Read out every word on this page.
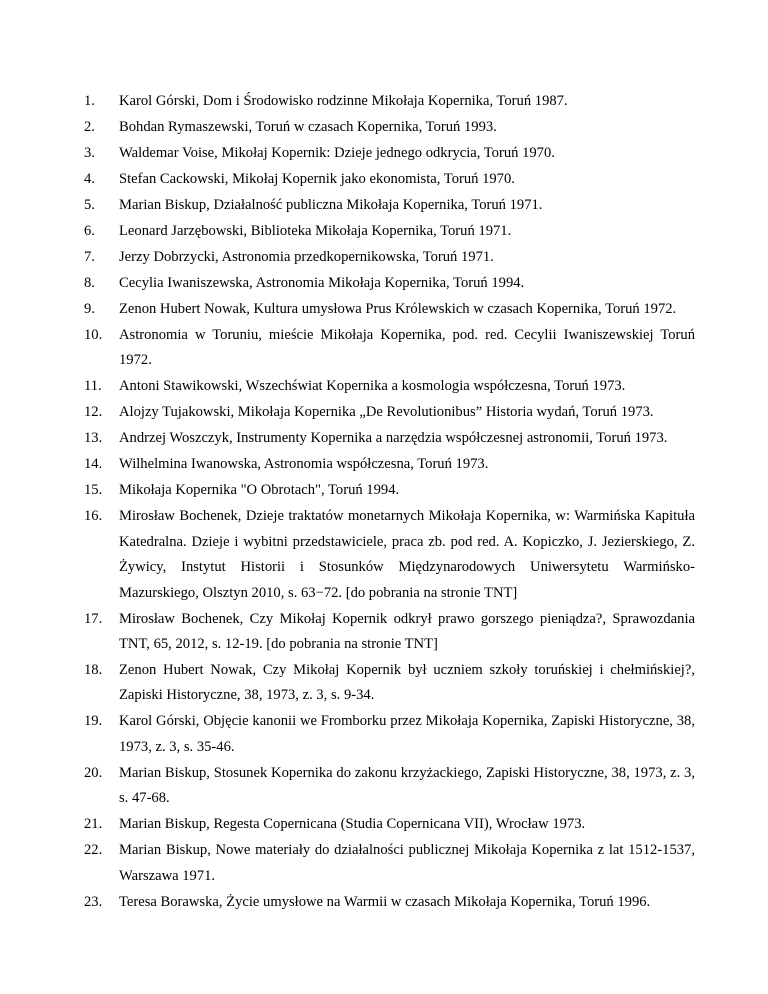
1. Karol Górski, Dom i Środowisko rodzinne Mikołaja Kopernika, Toruń 1987.
2. Bohdan Rymaszewski, Toruń w czasach Kopernika, Toruń 1993.
3. Waldemar Voise, Mikołaj Kopernik: Dzieje jednego odkrycia, Toruń 1970.
4. Stefan Cackowski, Mikołaj Kopernik jako ekonomista, Toruń 1970.
5. Marian Biskup, Działalność publiczna Mikołaja Kopernika, Toruń 1971.
6. Leonard Jarzębowski, Biblioteka Mikołaja Kopernika, Toruń 1971.
7. Jerzy Dobrzycki, Astronomia przedkopernikowska, Toruń 1971.
8. Cecylia Iwaniszewska, Astronomia Mikołaja Kopernika, Toruń 1994.
9. Zenon Hubert Nowak, Kultura umysłowa Prus Królewskich w czasach Kopernika, Toruń 1972.
10. Astronomia w Toruniu, mieście Mikołaja Kopernika, pod. red. Cecylii Iwaniszewskiej Toruń 1972.
11. Antoni Stawikowski, Wszechświat Kopernika a kosmologia współczesna, Toruń 1973.
12. Alojzy Tujakowski, Mikołaja Kopernika „De Revolutionibus” Historia wydań, Toruń 1973.
13. Andrzej Woszczyk, Instrumenty Kopernika a narzędzia współczesnej astronomii, Toruń 1973.
14. Wilhelmina Iwanowska, Astronomia współczesna, Toruń 1973.
15. Mikołaja Kopernika "O Obrotach", Toruń 1994.
16. Mirosław Bochenek, Dzieje traktatów monetarnych Mikołaja Kopernika, w: Warmińska Kapituła Katedralna. Dzieje i wybitni przedstawiciele, praca zb. pod red. A. Kopiczko, J. Jezierskiego, Z. Żywicy, Instytut Historii i Stosunków Międzynarodowych Uniwersytetu Warmińsko-Mazurskiego, Olsztyn 2010, s. 63−72. [do pobrania na stronie TNT]
17. Mirosław Bochenek, Czy Mikołaj Kopernik odkrył prawo gorszego pieniądza?, Sprawozdania TNT, 65, 2012, s. 12-19. [do pobrania na stronie TNT]
18. Zenon Hubert Nowak, Czy Mikołaj Kopernik był uczniem szkoły toruńskiej i chełmińskiej?, Zapiski Historyczne, 38, 1973, z. 3, s. 9-34.
19. Karol Górski, Objęcie kanonii we Fromborku przez Mikołaja Kopernika, Zapiski Historyczne, 38, 1973, z. 3, s. 35-46.
20. Marian Biskup, Stosunek Kopernika do zakonu krzyżackiego, Zapiski Historyczne, 38, 1973, z. 3, s. 47-68.
21. Marian Biskup, Regesta Copernicana (Studia Copernicana VII), Wrocław 1973.
22. Marian Biskup, Nowe materiały do działalności publicznej Mikołaja Kopernika z lat 1512-1537, Warszawa 1971.
23. Teresa Borawska, Życie umysłowe na Warmii w czasach Mikołaja Kopernika, Toruń 1996.
